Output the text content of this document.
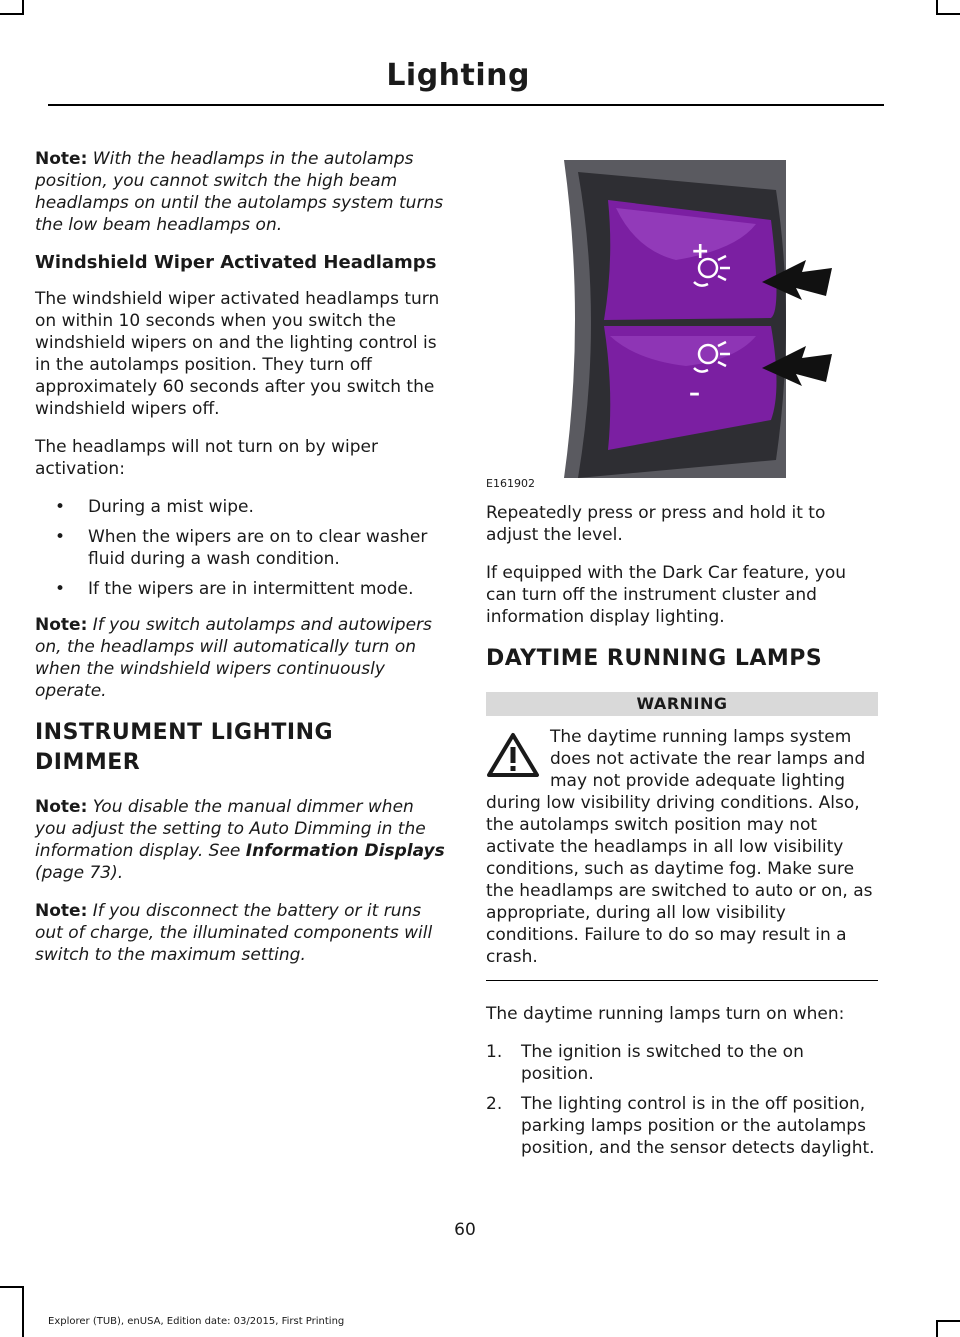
Lighting

Note: With the headlamps in the autolamps position, you cannot switch the high beam headlamps on until the autolamps system turns the low beam headlamps on.

Windshield Wiper Activated Headlamps

The windshield wiper activated headlamps turn on within 10 seconds when you switch the windshield wipers on and the lighting control is in the autolamps position. They turn off approximately 60 seconds after you switch the windshield wipers off.

The headlamps will not turn on by wiper activation:

• During a mist wipe.
• When the wipers are on to clear washer fluid during a wash condition.
• If the wipers are in intermittent mode.

Note: If you switch autolamps and autowipers on, the headlamps will automatically turn on when the windshield wipers continuously operate.

INSTRUMENT LIGHTING
DIMMER

Note: You disable the manual dimmer when you adjust the setting to Auto Dimming in the information display. See Information Displays (page 73).

Note: If you disconnect the battery or it runs out of charge, the illuminated components will switch to the maximum setting.

+
–
E161902

Repeatedly press or press and hold it to adjust the level.

If equipped with the Dark Car feature, you can turn off the instrument cluster and information display lighting.

DAYTIME RUNNING LAMPS
WARNING

The daytime running lamps system does not activate the rear lamps and may not provide adequate lighting during low visibility driving conditions. Also, the autolamps switch position may not activate the headlamps in all low visibility conditions, such as daytime fog. Make sure the headlamps are switched to auto or on, as appropriate, during all low visibility conditions. Failure to do so may result in a crash.

The daytime running lamps turn on when:

1. The ignition is switched to the on position.
2. The lighting control is in the off position, parking lamps position or the autolamps position, and the sensor detects daylight.
60
Explorer (TUB), enUSA, Edition date: 03/2015, First Printing
